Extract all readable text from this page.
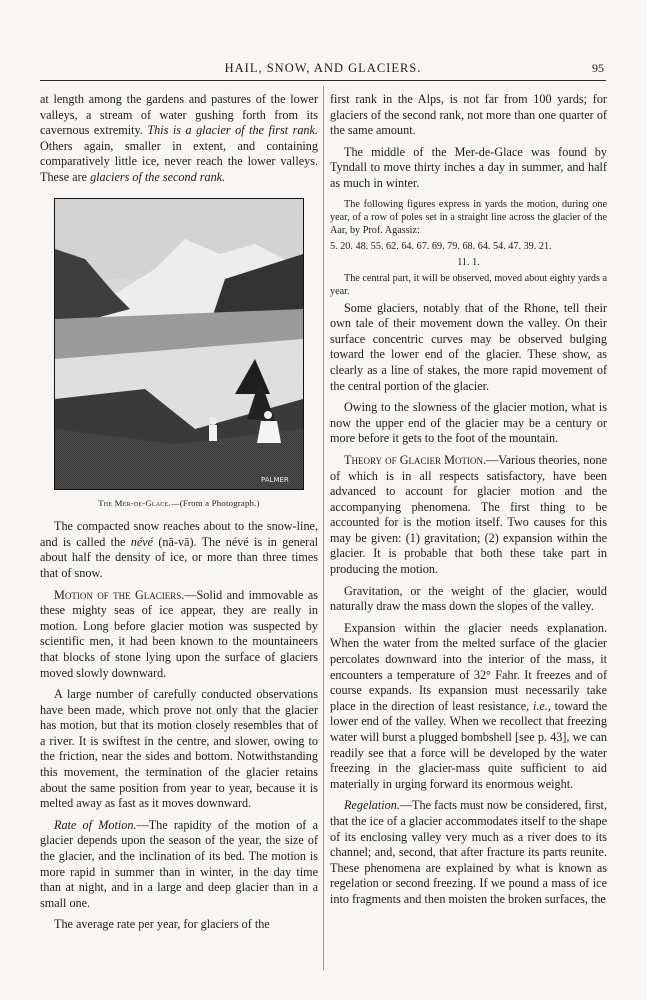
HAIL, SNOW, AND GLACIERS.	95

at length among the gardens and pastures of the lower valleys, a stream of water gushing forth from its cavernous extremity. This is a glacier of the first rank. Others again, smaller in extent, and containing comparatively little ice, never reach the lower valleys. These are glaciers of the second rank.

PALMER
The Mer-de-Glace.—(From a Photograph.)

The compacted snow reaches about to the snow-line, and is called the névé (nā-vā). The névé is in general about half the density of ice, or more than three times that of snow.

Motion of the Glaciers.—Solid and immovable as these mighty seas of ice appear, they are really in motion. Long before glacier motion was suspected by scientific men, it had been known to the mountaineers that blocks of stone lying upon the surface of glaciers moved slowly downward.

A large number of carefully conducted observations have been made, which prove not only that the glacier has motion, but that its motion closely resembles that of a river. It is swiftest in the centre, and slower, owing to the friction, near the sides and bottom. Notwithstanding this movement, the termination of the glacier retains about the same position from year to year, because it is melted away as fast as it moves downward.

Rate of Motion.—The rapidity of the motion of a glacier depends upon the season of the year, the size of the glacier, and the inclination of its bed. The motion is more rapid in summer than in winter, in the day time than at night, and in a large and deep glacier than in a small one.

The average rate per year, for glaciers of the

first rank in the Alps, is not far from 100 yards; for glaciers of the second rank, not more than one quarter of the same amount.

The middle of the Mer-de-Glace was found by Tyndall to move thirty inches a day in summer, and half as much in winter.

The following figures express in yards the motion, during one year, of a row of poles set in a straight line across the glacier of the Aar, by Prof. Agassiz:

5. 20. 48. 55. 62. 64. 67. 69. 79. 68. 64. 54. 47. 39. 21.

11. 1.

The central part, it will be observed, moved about eighty yards a year.

Some glaciers, notably that of the Rhone, tell their own tale of their movement down the valley. On their surface concentric curves may be observed bulging toward the lower end of the glacier. These show, as clearly as a line of stakes, the more rapid movement of the central portion of the glacier.

Owing to the slowness of the glacier motion, what is now the upper end of the glacier may be a century or more before it gets to the foot of the mountain.

Theory of Glacier Motion.—Various theories, none of which is in all respects satisfactory, have been advanced to account for glacier motion and the accompanying phenomena. The first thing to be accounted for is the motion itself. Two causes for this may be given: (1) gravitation; (2) expansion within the glacier. It is probable that both these take part in producing the motion.

Gravitation, or the weight of the glacier, would naturally draw the mass down the slopes of the valley.

Expansion within the glacier needs explanation. When the water from the melted surface of the glacier percolates downward into the interior of the mass, it encounters a temperature of 32° Fahr. It freezes and of course expands. Its expansion must necessarily take place in the direction of least resistance, i.e., toward the lower end of the valley. When we recollect that freezing water will burst a plugged bombshell [see p. 43], we can readily see that a force will be developed by the water freezing in the glacier-mass quite sufficient to aid materially in urging forward its enormous weight.

Regelation.—The facts must now be considered, first, that the ice of a glacier accommodates itself to the shape of its enclosing valley very much as a river does to its channel; and, second, that after fracture its parts reunite. These phenomena are explained by what is known as regelation or second freezing. If we pound a mass of ice into fragments and then moisten the broken surfaces, the
